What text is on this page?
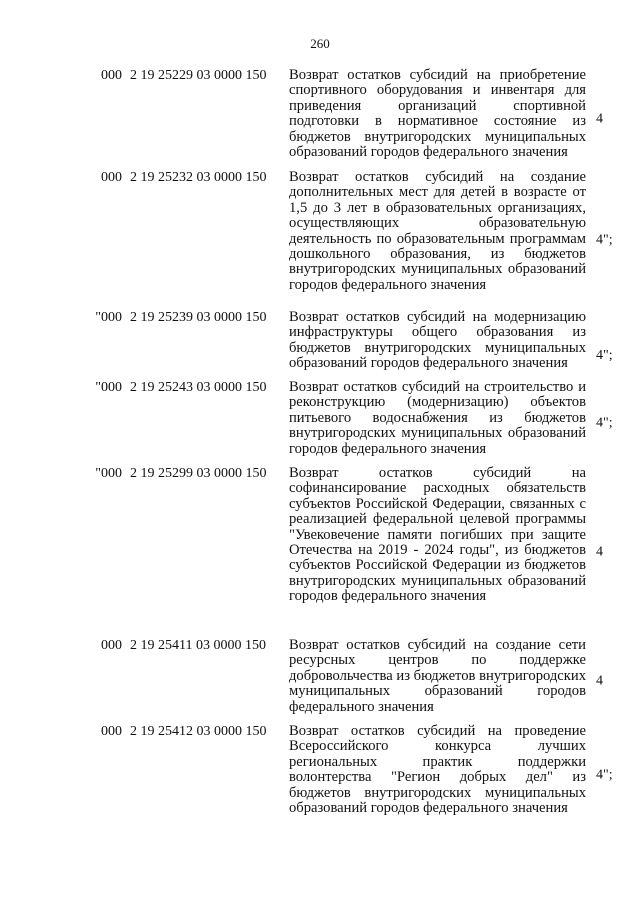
260
000 2 19 25229 03 0000 150 Возврат остатков субсидий на приобретение спортивного оборудования и инвентаря для приведения организаций спортивной подготовки в нормативное состояние из бюджетов внутригородских муниципальных образований городов федерального значения
4
000 2 19 25232 03 0000 150 Возврат остатков субсидий на создание дополнительных мест для детей в возрасте от 1,5 до 3 лет в образовательных организациях, осуществляющих образовательную деятельность по образовательным программам дошкольного образования, из бюджетов внутригородских муниципальных образований городов федерального значения
4";
"000 2 19 25239 03 0000 150 Возврат остатков субсидий на модернизацию инфраструктуры общего образования из бюджетов внутригородских муниципальных образований городов федерального значения
4";
"000 2 19 25243 03 0000 150 Возврат остатков субсидий на строительство и реконструкцию (модернизацию) объектов питьевого водоснабжения из бюджетов внутригородских муниципальных образований городов федерального значения
4";
"000 2 19 25299 03 0000 150 Возврат остатков субсидий на софинансирование расходных обязательств субъектов Российской Федерации, связанных с реализацией федеральной целевой программы "Увековечение памяти погибших при защите Отечества на 2019 - 2024 годы", из бюджетов субъектов Российской Федерации из бюджетов внутригородских муниципальных образований городов федерального значения
4
000 2 19 25411 03 0000 150 Возврат остатков субсидий на создание сети ресурсных центров по поддержке добровольчества из бюджетов внутригородских муниципальных образований городов федерального значения
4
000 2 19 25412 03 0000 150 Возврат остатков субсидий на проведение Всероссийского конкурса лучших региональных практик поддержки волонтерства "Регион добрых дел" из бюджетов внутригородских муниципальных образований городов федерального значения
4";
